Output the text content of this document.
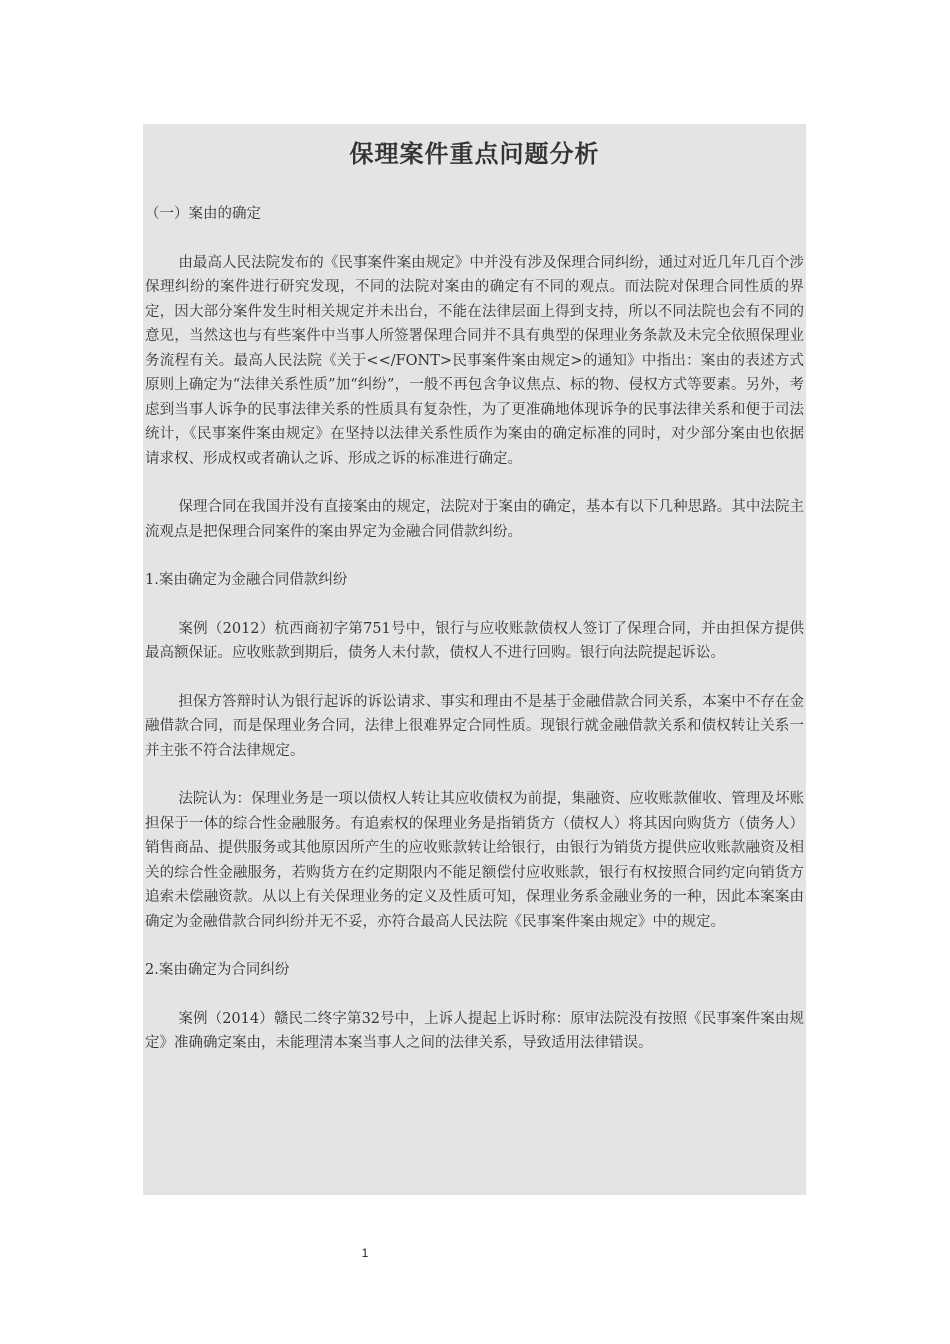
保理案件重点问题分析

（一）案由的确定

由最高人民法院发布的《民事案件案由规定》中并没有涉及保理合同纠纷，通过对近几年几百个涉保理纠纷的案件进行研究发现，不同的法院对案由的确定有不同的观点。而法院对保理合同性质的界定，因大部分案件发生时相关规定并未出台，不能在法律层面上得到支持，所以不同法院也会有不同的意见，当然这也与有些案件中当事人所签署保理合同并不具有典型的保理业务条款及未完全依照保理业务流程有关。最高人民法院《关于<</FONT>民事案件案由规定>的通知》中指出：案由的表述方式原则上确定为“法律关系性质”加“纠纷”，一般不再包含争议焦点、标的物、侵权方式等要素。另外，考虑到当事人诉争的民事法律关系的性质具有复杂性，为了更准确地体现诉争的民事法律关系和便于司法统计，《民事案件案由规定》在坚持以法律关系性质作为案由的确定标准的同时，对少部分案由也依据请求权、形成权或者确认之诉、形成之诉的标准进行确定。

保理合同在我国并没有直接案由的规定，法院对于案由的确定，基本有以下几种思路。其中法院主流观点是把保理合同案件的案由界定为金融合同借款纠纷。

1.案由确定为金融合同借款纠纷

案例（2012）杭西商初字第751号中，银行与应收账款债权人签订了保理合同，并由担保方提供最高额保证。应收账款到期后，债务人未付款，债权人不进行回购。银行向法院提起诉讼。

担保方答辩时认为银行起诉的诉讼请求、事实和理由不是基于金融借款合同关系，本案中不存在金融借款合同，而是保理业务合同，法律上很难界定合同性质。现银行就金融借款关系和债权转让关系一并主张不符合法律规定。

法院认为：保理业务是一项以债权人转让其应收债权为前提，集融资、应收账款催收、管理及坏账担保于一体的综合性金融服务。有追索权的保理业务是指销货方（债权人）将其因向购货方（债务人）销售商品、提供服务或其他原因所产生的应收账款转让给银行，由银行为销货方提供应收账款融资及相关的综合性金融服务，若购货方在约定期限内不能足额偿付应收账款，银行有权按照合同约定向销货方追索未偿融资款。从以上有关保理业务的定义及性质可知，保理业务系金融业务的一种，因此本案案由确定为金融借款合同纠纷并无不妥，亦符合最高人民法院《民事案件案由规定》中的规定。

2.案由确定为合同纠纷

案例（2014）赣民二终字第32号中，上诉人提起上诉时称：原审法院没有按照《民事案件案由规定》准确确定案由，未能理清本案当事人之间的法律关系，导致适用法律错误。

1
